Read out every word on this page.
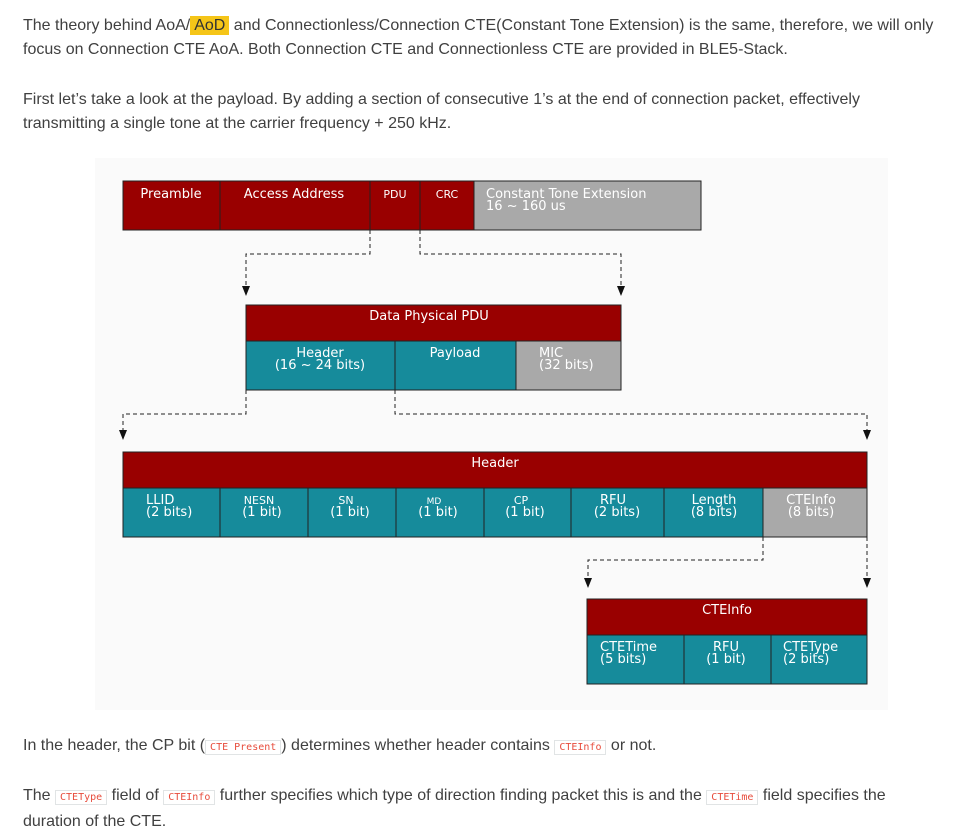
The theory behind AoA/ AoD and Connectionless/Connection CTE(Constant Tone Extension) is the same, therefore, we will only focus on Connection CTE AoA. Both Connection CTE and Connectionless CTE are provided in BLE5-Stack.

First let’s take a look at the payload. By adding a section of consecutive 1’s at the end of connection packet, effectively transmitting a single tone at the carrier frequency + 250 kHz.

Preamble	Access Address	PDU	CRC Constant Tone Extension
16 ~ 160 us
Data Physical PDU
Header
(16 ~ 24 bits)
Payload	MIC
(32 bits)
Header
LLID
(2 bits)
NESN
(1 bit)
SN
(1 bit)
MD
(1 bit)
CP
(1 bit)
RFU
(2 bits)
Length
(8 bits)
CTEInfo
(8 bits)
CTEInfo
CTETime
(5 bits)
RFU
(1 bit)
CTEType
(2 bits)

In the header, the CP bit ( CTE Present ) determines whether header contains CTEInfo or not.

The CTEType field of CTEInfo further specifies which type of direction finding packet this is and the CTETime field specifies the duration of the CTE.
